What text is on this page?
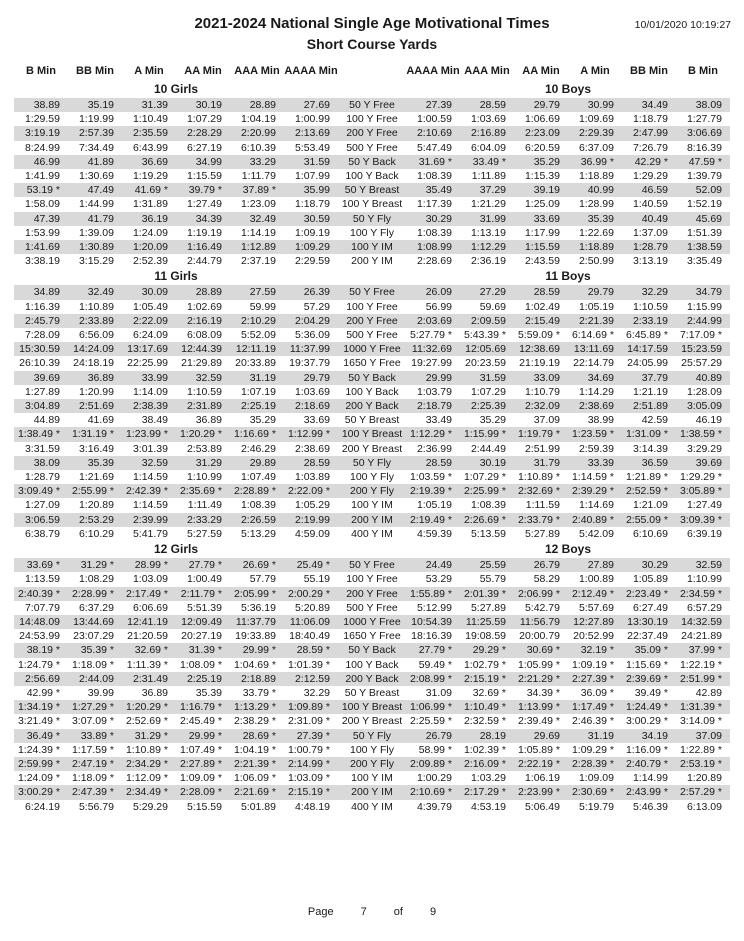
2021-2024 National Single Age Motivational Times
Short Course Yards
10/01/2020 10:19:27
B Min	BB Min	A Min	AA Min	AAA Min	AAAA Min		AAAA Min	AAA Min	AA Min	A Min	BB Min	B Min
10 Girls							10 Boys					
38.89	35.19	31.39	30.19	28.89	27.69	50 Y Free	27.39	28.59	29.79	30.99	34.49	38.09
1:29.59	1:19.99	1:10.49	1:07.29	1:04.19	1:00.99	100 Y Free	1:00.59	1:03.69	1:06.69	1:09.69	1:18.79	1:27.79
3:19.19	2:57.39	2:35.59	2:28.29	2:20.99	2:13.69	200 Y Free	2:10.69	2:16.89	2:23.09	2:29.39	2:47.99	3:06.69
8:24.99	7:34.49	6:43.99	6:27.19	6:10.39	5:53.49	500 Y Free	5:47.49	6:04.09	6:20.59	6:37.09	7:26.79	8:16.39
46.99	41.89	36.69	34.99	33.29	31.59	50 Y Back	31.69 *	33.49 *	35.29	36.99 *	42.29 *	47.59 *
1:41.99	1:30.69	1:19.29	1:15.59	1:11.79	1:07.99	100 Y Back	1:08.39	1:11.89	1:15.39	1:18.89	1:29.29	1:39.79
53.19 *	47.49	41.69 *	39.79 *	37.89 *	35.99	50 Y Breast	35.49	37.29	39.19	40.99	46.59	52.09
1:58.09	1:44.99	1:31.89	1:27.49	1:23.09	1:18.79	100 Y Breast	1:17.39	1:21.29	1:25.09	1:28.99	1:40.59	1:52.19
47.39	41.79	36.19	34.39	32.49	30.59	50 Y Fly	30.29	31.99	33.69	35.39	40.49	45.69
1:53.99	1:39.09	1:24.09	1:19.19	1:14.19	1:09.19	100 Y Fly	1:08.39	1:13.19	1:17.99	1:22.69	1:37.09	1:51.39
1:41.69	1:30.89	1:20.09	1:16.49	1:12.89	1:09.29	100 Y IM	1:08.99	1:12.29	1:15.59	1:18.89	1:28.79	1:38.59
3:38.19	3:15.29	2:52.39	2:44.79	2:37.19	2:29.59	200 Y IM	2:28.69	2:36.19	2:43.59	2:50.99	3:13.19	3:35.49
11 Girls							11 Boys					
34.89	32.49	30.09	28.89	27.59	26.39	50 Y Free	26.09	27.29	28.59	29.79	32.29	34.79
1:16.39	1:10.89	1:05.49	1:02.69	59.99	57.29	100 Y Free	56.99	59.69	1:02.49	1:05.19	1:10.59	1:15.99
2:45.79	2:33.89	2:22.09	2:16.19	2:10.29	2:04.29	200 Y Free	2:03.69	2:09.59	2:15.49	2:21.39	2:33.19	2:44.99
7:28.09	6:56.09	6:24.09	6:08.09	5:52.09	5:36.09	500 Y Free	5:27.79 *	5:43.39 *	5:59.09 *	6:14.69 *	6:45.89 *	7:17.09 *
15:30.59	14:24.09	13:17.69	12:44.39	12:11.19	11:37.99	1000 Y Free	11:32.69	12:05.69	12:38.69	13:11.69	14:17.59	15:23.59
26:10.39	24:18.19	22:25.99	21:29.89	20:33.89	19:37.79	1650 Y Free	19:27.99	20:23.59	21:19.19	22:14.79	24:05.99	25:57.29
39.69	36.89	33.99	32.59	31.19	29.79	50 Y Back	29.99	31.59	33.09	34.69	37.79	40.89
1:27.89	1:20.99	1:14.09	1:10.59	1:07.19	1:03.69	100 Y Back	1:03.79	1:07.29	1:10.79	1:14.29	1:21.19	1:28.09
3:04.89	2:51.69	2:38.39	2:31.89	2:25.19	2:18.69	200 Y Back	2:18.79	2:25.39	2:32.09	2:38.69	2:51.89	3:05.09
44.89	41.69	38.49	36.89	35.29	33.69	50 Y Breast	33.49	35.29	37.09	38.99	42.59	46.19
1:38.49 *	1:31.19 *	1:23.99 *	1:20.29 *	1:16.69 *	1:12.99 *	100 Y Breast	1:12.29 *	1:15.99 *	1:19.79 *	1:23.59 *	1:31.09 *	1:38.59 *
3:31.59	3:16.49	3:01.39	2:53.89	2:46.29	2:38.69	200 Y Breast	2:36.99	2:44.49	2:51.99	2:59.39	3:14.39	3:29.29
38.09	35.39	32.59	31.29	29.89	28.59	50 Y Fly	28.59	30.19	31.79	33.39	36.59	39.69
1:28.79	1:21.69	1:14.59	1:10.99	1:07.49	1:03.89	100 Y Fly	1:03.59 *	1:07.29 *	1:10.89 *	1:14.59 *	1:21.89 *	1:29.29 *
3:09.49 *	2:55.99 *	2:42.39 *	2:35.69 *	2:28.89 *	2:22.09 *	200 Y Fly	2:19.39 *	2:25.99 *	2:32.69 *	2:39.29 *	2:52.59 *	3:05.89 *
1:27.09	1:20.89	1:14.59	1:11.49	1:08.39	1:05.29	100 Y IM	1:05.19	1:08.39	1:11.59	1:14.69	1:21.09	1:27.49
3:06.59	2:53.29	2:39.99	2:33.29	2:26.59	2:19.99	200 Y IM	2:19.49 *	2:26.69 *	2:33.79 *	2:40.89 *	2:55.09 *	3:09.39 *
6:38.79	6:10.29	5:41.79	5:27.59	5:13.29	4:59.09	400 Y IM	4:59.39	5:13.59	5:27.89	5:42.09	6:10.69	6:39.19
12 Girls							12 Boys					
33.69 *	31.29 *	28.99 *	27.79 *	26.69 *	25.49 *	50 Y Free	24.49	25.59	26.79	27.89	30.29	32.59
1:13.59	1:08.29	1:03.09	1:00.49	57.79	55.19	100 Y Free	53.29	55.79	58.29	1:00.89	1:05.89	1:10.99
2:40.39 *	2:28.99 *	2:17.49 *	2:11.79 *	2:05.99 *	2:00.29 *	200 Y Free	1:55.89 *	2:01.39 *	2:06.99 *	2:12.49 *	2:23.49 *	2:34.59 *
7:07.79	6:37.29	6:06.69	5:51.39	5:36.19	5:20.89	500 Y Free	5:12.99	5:27.89	5:42.79	5:57.69	6:27.49	6:57.29
14:48.09	13:44.69	12:41.19	12:09.49	11:37.79	11:06.09	1000 Y Free	10:54.39	11:25.59	11:56.79	12:27.89	13:30.19	14:32.59
24:53.99	23:07.29	21:20.59	20:27.19	19:33.89	18:40.49	1650 Y Free	18:16.39	19:08.59	20:00.79	20:52.99	22:37.49	24:21.89
38.19 *	35.39 *	32.69 *	31.39 *	29.99 *	28.59 *	50 Y Back	27.79 *	29.29 *	30.69 *	32.19 *	35.09 *	37.99 *
1:24.79 *	1:18.09 *	1:11.39 *	1:08.09 *	1:04.69 *	1:01.39 *	100 Y Back	59.49 *	1:02.79 *	1:05.99 *	1:09.19 *	1:15.69 *	1:22.19 *
2:56.69	2:44.09	2:31.49	2:25.19	2:18.89	2:12.59	200 Y Back	2:08.99 *	2:15.19 *	2:21.29 *	2:27.39 *	2:39.69 *	2:51.99 *
42.99 *	39.99	36.89	35.39	33.79 *	32.29	50 Y Breast	31.09	32.69 *	34.39 *	36.09 *	39.49 *	42.89
1:34.19 *	1:27.29 *	1:20.29 *	1:16.79 *	1:13.29 *	1:09.89 *	100 Y Breast	1:06.99 *	1:10.49 *	1:13.99 *	1:17.49 *	1:24.49 *	1:31.39 *
3:21.49 *	3:07.09 *	2:52.69 *	2:45.49 *	2:38.29 *	2:31.09 *	200 Y Breast	2:25.59 *	2:32.59 *	2:39.49 *	2:46.39 *	3:00.29 *	3:14.09 *
36.49 *	33.89 *	31.29 *	29.99 *	28.69 *	27.39 *	50 Y Fly	26.79	28.19	29.69	31.19	34.19	37.09
1:24.39 *	1:17.59 *	1:10.89 *	1:07.49 *	1:04.19 *	1:00.79 *	100 Y Fly	58.99 *	1:02.39 *	1:05.89 *	1:09.29 *	1:16.09 *	1:22.89 *
2:59.99 *	2:47.19 *	2:34.29 *	2:27.89 *	2:21.39 *	2:14.99 *	200 Y Fly	2:09.89 *	2:16.09 *	2:22.19 *	2:28.39 *	2:40.79 *	2:53.19 *
1:24.09 *	1:18.09 *	1:12.09 *	1:09.09 *	1:06.09 *	1:03.09 *	100 Y IM	1:00.29	1:03.29	1:06.19	1:09.09	1:14.99	1:20.89
3:00.29 *	2:47.39 *	2:34.49 *	2:28.09 *	2:21.69 *	2:15.19 *	200 Y IM	2:10.69 *	2:17.29 *	2:23.99 *	2:30.69 *	2:43.99 *	2:57.29 *
6:24.19	5:56.79	5:29.29	5:15.59	5:01.89	4:48.19	400 Y IM	4:39.79	4:53.19	5:06.49	5:19.79	5:46.39	6:13.09
Page 7 of 9
